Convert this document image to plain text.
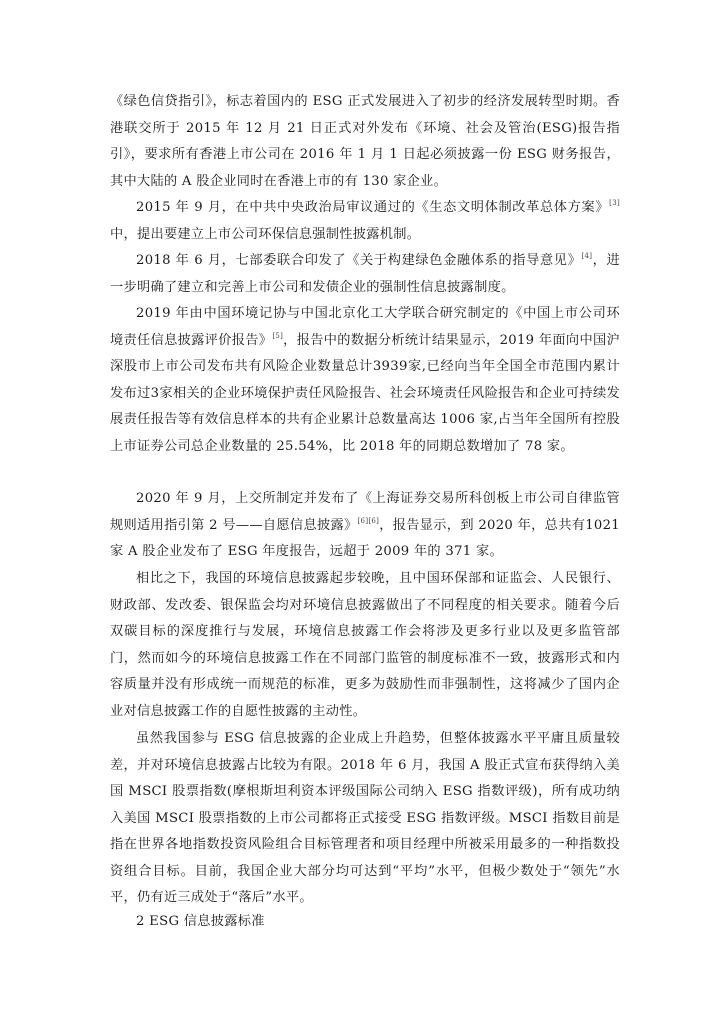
《绿色信贷指引》，标志着国内的 ESG 正式发展进入了初步的经济发展转型时期。香港联交所于 2015 年 12 月 21 日正式对外发布《环境、社会及管治(ESG)报告指引》，要求所有香港上市公司在 2016 年 1 月 1 日起必须披露一份 ESG 财务报告，其中大陆的 A 股企业同时在香港上市的有 130 家企业。

2015 年 9 月，在中共中央政治局审议通过的《生态文明体制改革总体方案》[3]中，提出要建立上市公司环保信息强制性披露机制。

2018 年 6 月，七部委联合印发了《关于构建绿色金融体系的指导意见》[4]，进一步明确了建立和完善上市公司和发债企业的强制性信息披露制度。

2019 年由中国环境记协与中国北京化工大学联合研究制定的《中国上市公司环境责任信息披露评价报告》[5]，报告中的数据分析统计结果显示，2019 年面向中国沪深股市上市公司发布共有风险企业数量总计3939家,已经向当年全国全市范围内累计发布过3家相关的企业环境保护责任风险报告、社会环境责任风险报告和企业可持续发展责任报告等有效信息样本的共有企业累计总数量高达 1006 家,占当年全国所有控股上市证券公司总企业数量的 25.54%，比 2018 年的同期总数增加了 78 家。

2020 年 9 月，上交所制定并发布了《上海证券交易所科创板上市公司自律监管规则适用指引第 2 号——自愿信息披露》[6][6]，报告显示，到 2020 年，总共有1021家 A 股企业发布了 ESG 年度报告，远超于 2009 年的 371 家。

相比之下，我国的环境信息披露起步较晚，且中国环保部和证监会、人民银行、财政部、发改委、银保监会均对环境信息披露做出了不同程度的相关要求。随着今后双碳目标的深度推行与发展，环境信息披露工作会将涉及更多行业以及更多监管部门，然而如今的环境信息披露工作在不同部门监管的制度标准不一致，披露形式和内容质量并没有形成统一而规范的标准，更多为鼓励性而非强制性，这将减少了国内企业对信息披露工作的自愿性披露的主动性。

虽然我国参与 ESG 信息披露的企业成上升趋势，但整体披露水平平庸且质量较差，并对环境信息披露占比较为有限。2018 年 6 月，我国 A 股正式宣布获得纳入美国 MSCI 股票指数(摩根斯坦利资本评级国际公司纳入 ESG 指数评级)，所有成功纳入美国 MSCI 股票指数的上市公司都将正式接受 ESG 指数评级。MSCI 指数目前是指在世界各地指数投资风险组合目标管理者和项目经理中所被采用最多的一种指数投资组合目标。目前，我国企业大部分均可达到“平均”水平，但极少数处于“领先”水平，仍有近三成处于“落后”水平。

2 ESG 信息披露标准
